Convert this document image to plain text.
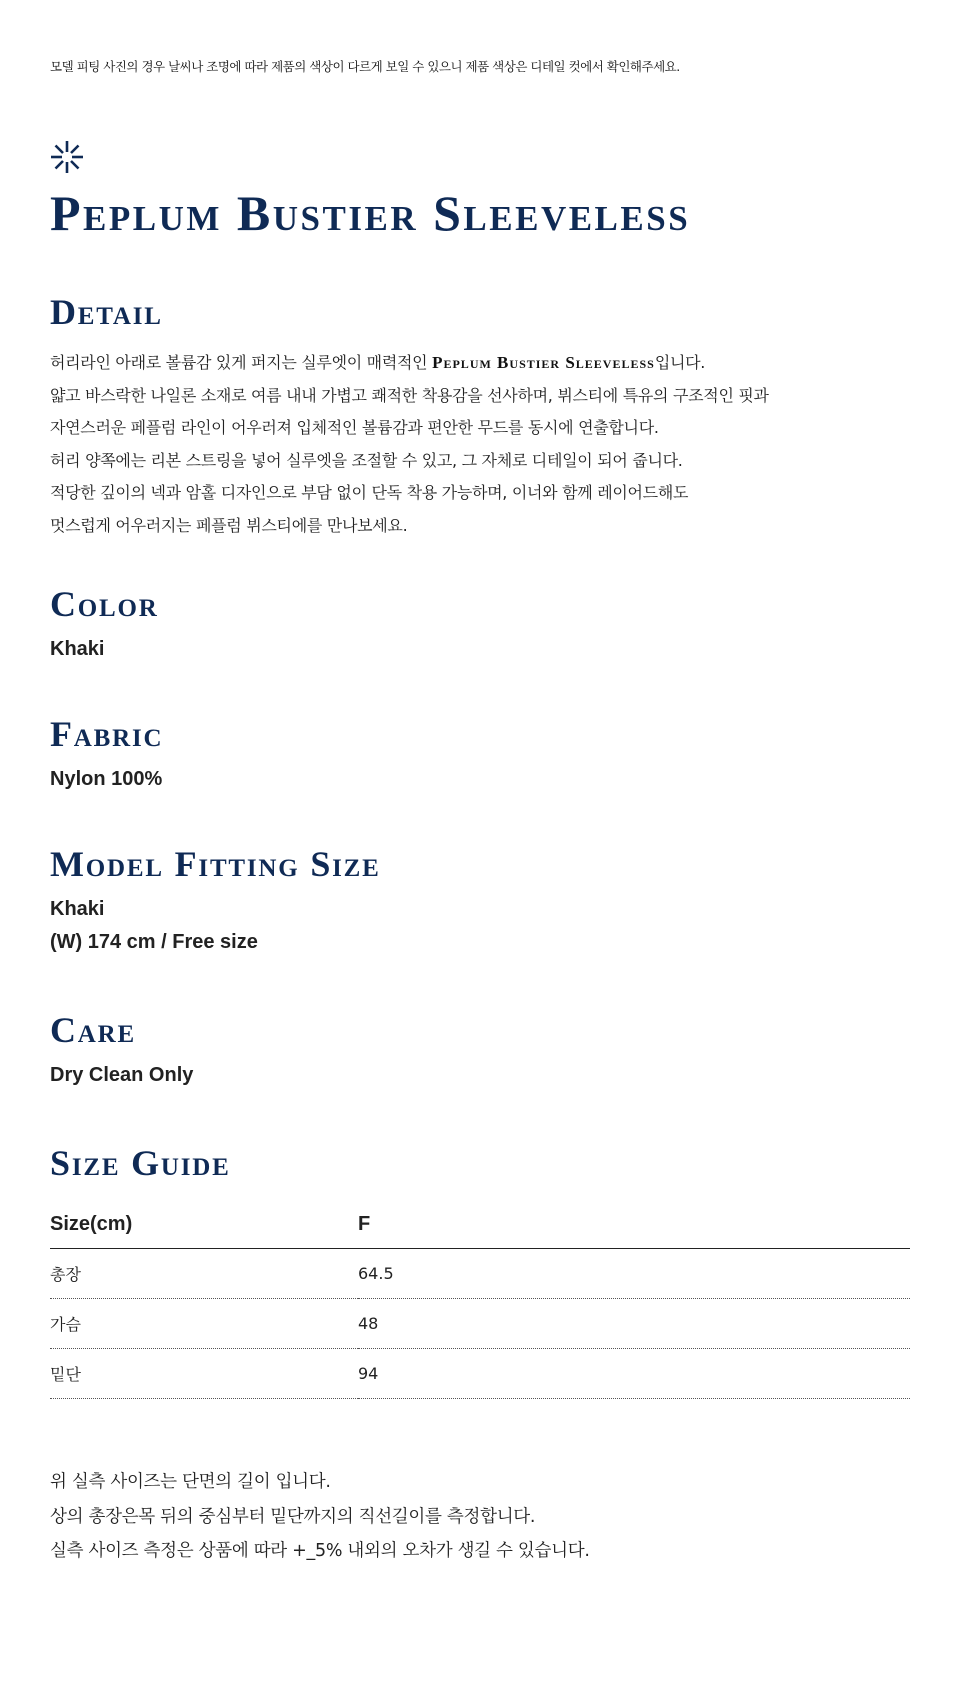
모델 피팅 사진의 경우 날씨나 조명에 따라 제품의 색상이 다르게 보일 수 있으니 제품 색상은 디테일 컷에서 확인해주세요.
Peplum Bustier Sleeveless
Detail
허리라인 아래로 볼륨감 있게 퍼지는 실루엣이 매력적인 Peplum Bustier Sleeveless입니다.
얇고 바스락한 나일론 소재로 여름 내내 가볍고 쾌적한 착용감을 선사하며, 뷔스티에 특유의 구조적인 핏과
자연스러운 페플럼 라인이 어우러져 입체적인 볼륨감과 편안한 무드를 동시에 연출합니다.
허리 양쪽에는 리본 스트링을 넣어 실루엣을 조절할 수 있고, 그 자체로 디테일이 되어 줍니다.
적당한 깊이의 넥과 암홀 디자인으로 부담 없이 단독 착용 가능하며, 이너와 함께 레이어드해도
멋스럽게 어우러지는 페플럼 뷔스티에를 만나보세요.
Color
Khaki
Fabric
Nylon 100%
Model Fitting Size
Khaki
(W) 174 cm / Free size
Care
Dry Clean Only
Size Guide
Size(cm)	F
총장	64.5
가슴	48
밑단	94
위 실측 사이즈는 단면의 길이 입니다.
상의 총장은목 뒤의 중심부터 밑단까지의 직선길이를 측정합니다.
실측 사이즈 측정은 상품에 따라 +_5% 내외의 오차가 생길 수 있습니다.
